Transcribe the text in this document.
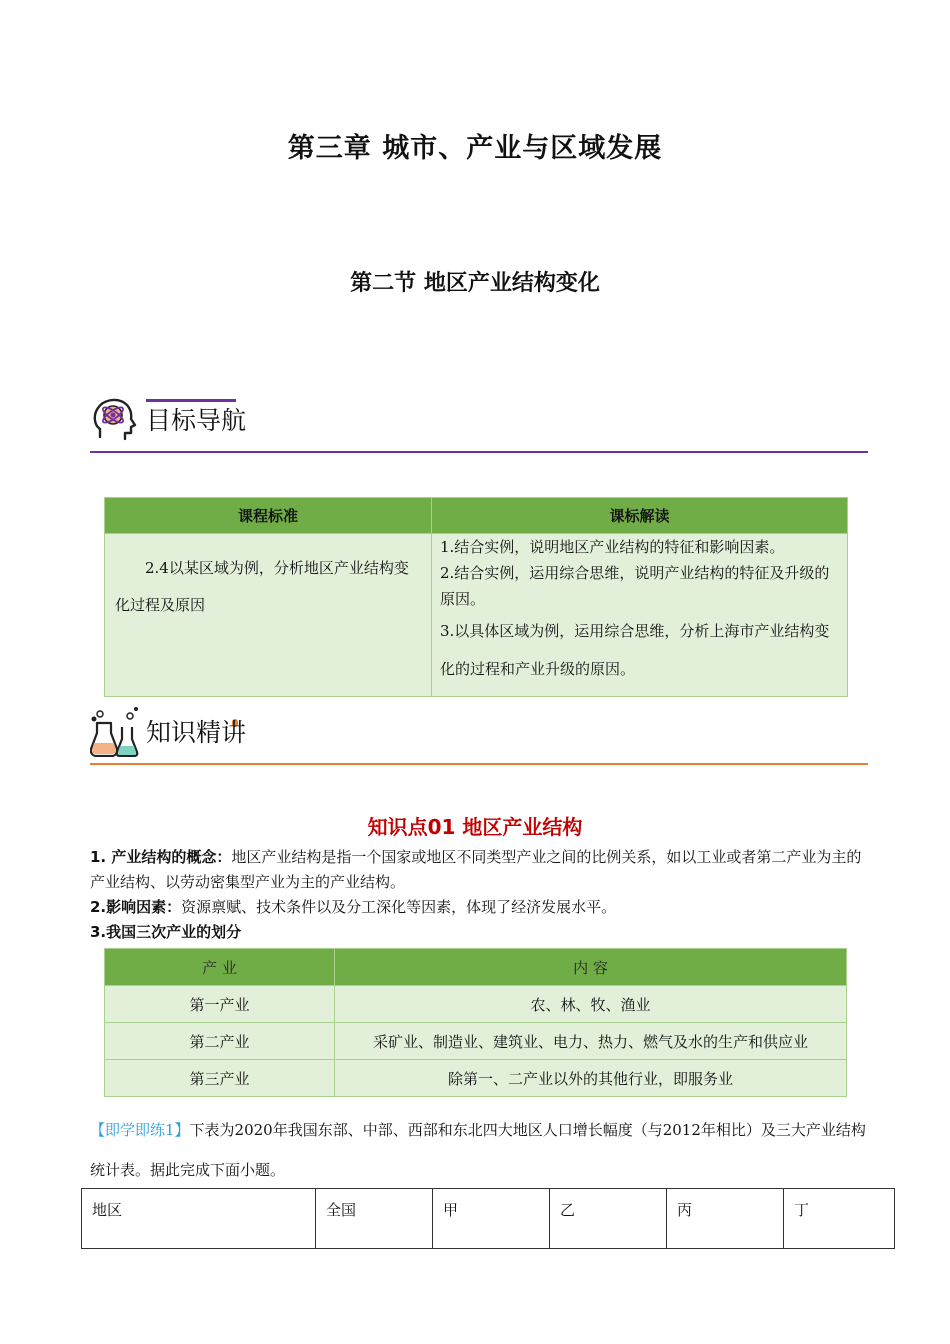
第三章 城市、产业与区域发展
第二节 地区产业结构变化
目标导航
课程标准	课标解读
2.4以某区域为例，分析地区产业结构变化过程及原因	1.结合实例，说明地区产业结构的特征和影响因素。
2.结合实例，运用综合思维，说明产业结构的特征及升级的原因。
3.以具体区域为例，运用综合思维，分析上海市产业结构变化的过程和产业升级的原因。
知识精讲
知识点01 地区产业结构
1. 产业结构的概念：地区产业结构是指一个国家或地区不同类型产业之间的比例关系，如以工业或者第二产业为主的产业结构、以劳动密集型产业为主的产业结构。
2.影响因素：资源禀赋、技术条件以及分工深化等因素，体现了经济发展水平。
3.我国三次产业的划分
产 业	内 容
第一产业	农、林、牧、渔业
第二产业	采矿业、制造业、建筑业、电力、热力、燃气及水的生产和供应业
第三产业	除第一、二产业以外的其他行业，即服务业
【即学即练1】下表为2020年我国东部、中部、西部和东北四大地区人口增长幅度（与2012年相比）及三大产业结构统计表。据此完成下面小题。
地区	全国	甲	乙	丙	丁
